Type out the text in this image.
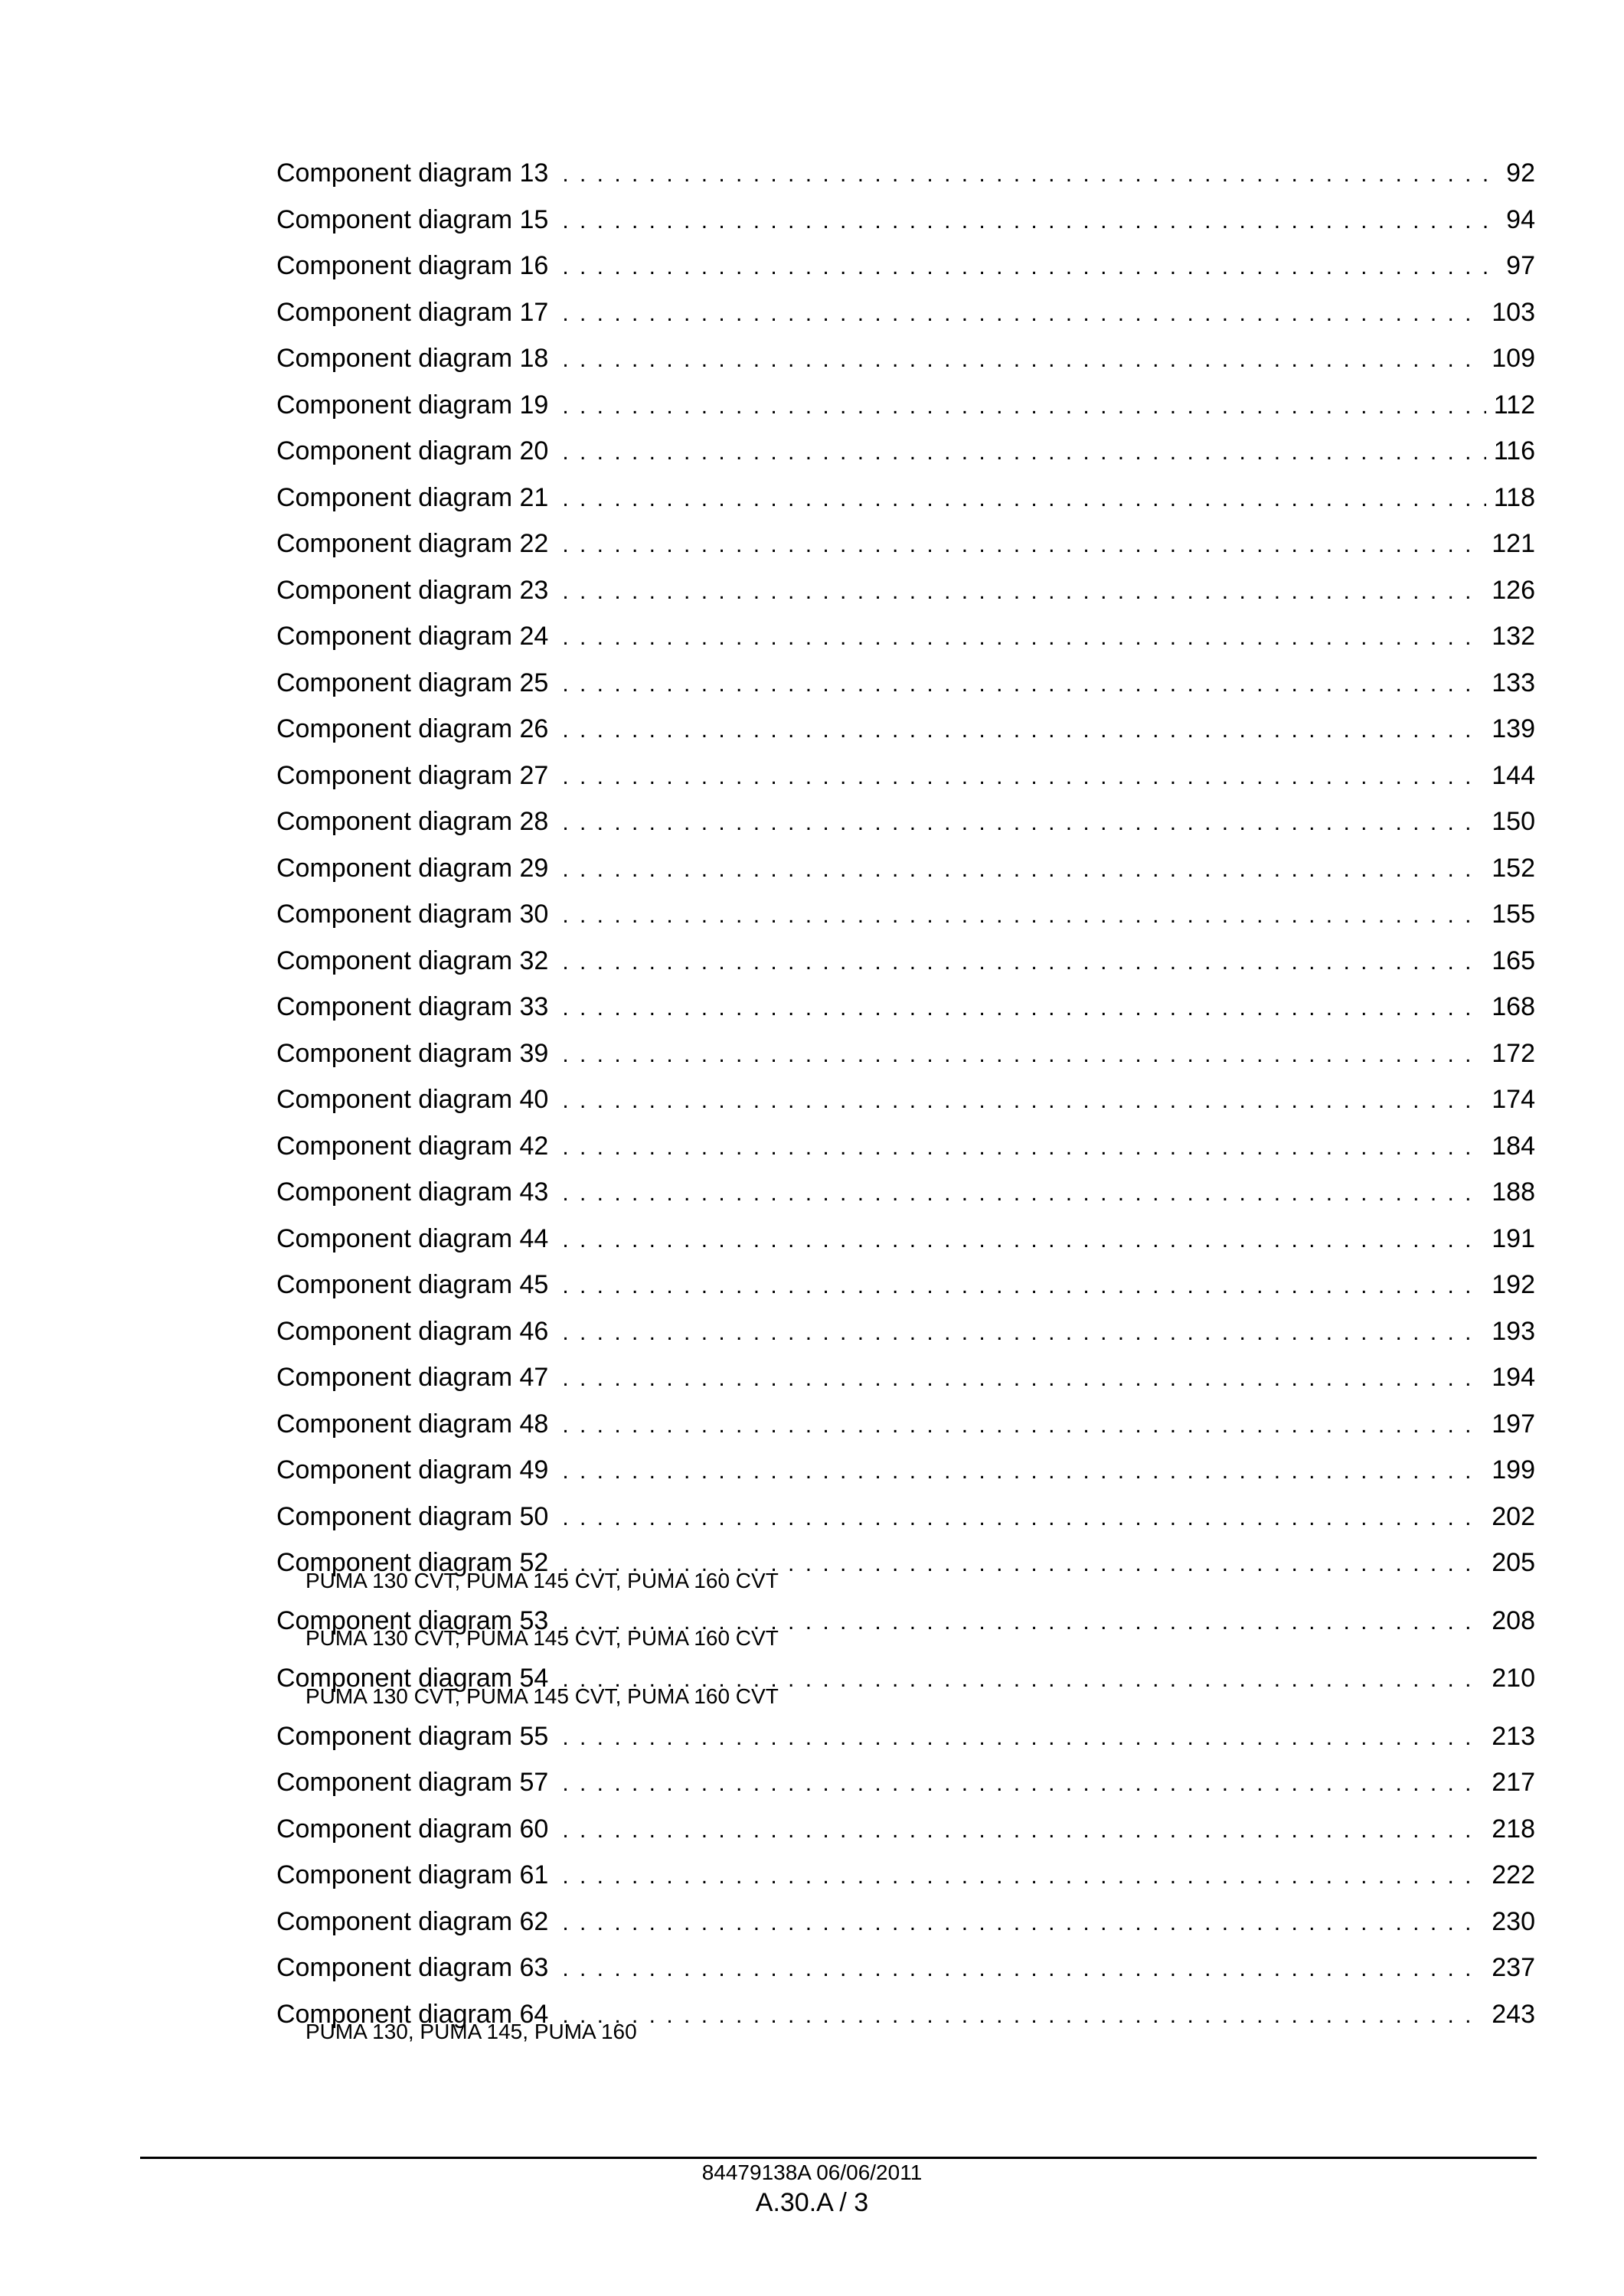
Component diagram 13 . . .	92
Component diagram 15 . . .	94
Component diagram 16 . . .	97
Component diagram 17 . . .	103
Component diagram 18 . . .	109
Component diagram 19 . . .	112
Component diagram 20 . . .	116
Component diagram 21 . . .	118
Component diagram 22 . . .	121
Component diagram 23 . . .	126
Component diagram 24 . . .	132
Component diagram 25 . . .	133
Component diagram 26 . . .	139
Component diagram 27 . . .	144
Component diagram 28 . . .	150
Component diagram 29 . . .	152
Component diagram 30 . . .	155
Component diagram 32 . . .	165
Component diagram 33 . . .	168
Component diagram 39 . . .	172
Component diagram 40 . . .	174
Component diagram 42 . . .	184
Component diagram 43 . . .	188
Component diagram 44 . . .	191
Component diagram 45 . . .	192
Component diagram 46 . . .	193
Component diagram 47 . . .	194
Component diagram 48 . . .	197
Component diagram 49 . . .	199
Component diagram 50 . . .	202
Component diagram 52 . . .	205
PUMA 130 CVT, PUMA 145 CVT, PUMA 160 CVT
Component diagram 53 . . .	208
PUMA 130 CVT, PUMA 145 CVT, PUMA 160 CVT
Component diagram 54 . . .	210
PUMA 130 CVT, PUMA 145 CVT, PUMA 160 CVT
Component diagram 55 . . .	213
Component diagram 57 . . .	217
Component diagram 60 . . .	218
Component diagram 61 . . .	222
Component diagram 62 . . .	230
Component diagram 63 . . .	237
Component diagram 64 . . .	243
PUMA 130, PUMA 145, PUMA 160
84479138A 06/06/2011
A.30.A / 3
